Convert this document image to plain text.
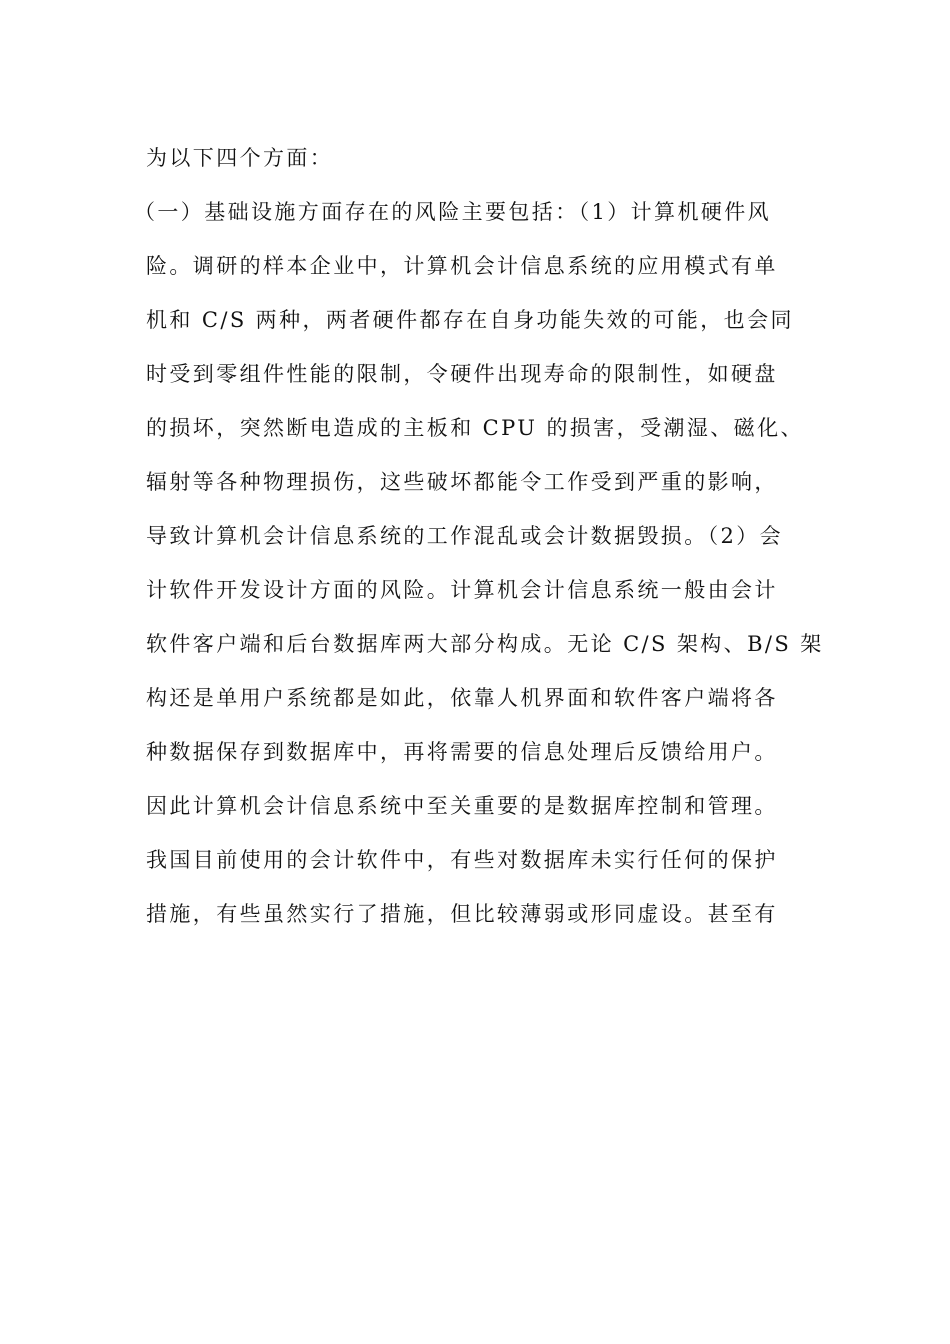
为以下四个方面：
（一）基础设施方面存在的风险主要包括：（1）计算机硬件风
险。调研的样本企业中，计算机会计信息系统的应用模式有单
机和 C/S 两种，两者硬件都存在自身功能失效的可能，也会同
时受到零组件性能的限制，令硬件出现寿命的限制性，如硬盘
的损坏，突然断电造成的主板和 CPU 的损害，受潮湿、磁化、
辐射等各种物理损伤，这些破坏都能令工作受到严重的影响，
导致计算机会计信息系统的工作混乱或会计数据毁损。（2）会
计软件开发设计方面的风险。计算机会计信息系统一般由会计
软件客户端和后台数据库两大部分构成。无论 C/S 架构、B/S 架
构还是单用户系统都是如此，依靠人机界面和软件客户端将各
种数据保存到数据库中，再将需要的信息处理后反馈给用户。
因此计算机会计信息系统中至关重要的是数据库控制和管理。
我国目前使用的会计软件中，有些对数据库未实行任何的保护
措施，有些虽然实行了措施，但比较薄弱或形同虚设。甚至有
